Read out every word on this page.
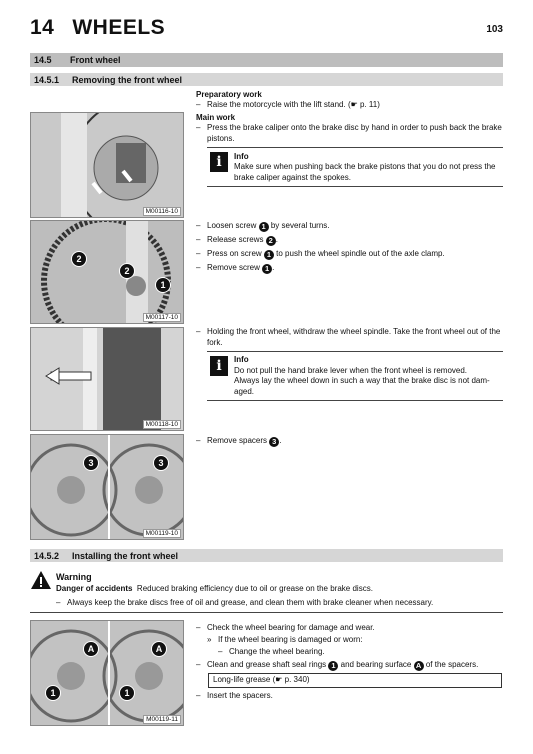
14 WHEELS	103
14.5	Front wheel
14.5.1	Removing the front wheel
M00116-10
2
2
1
M00117-10
M00118-10
3	3
M00119-10
A	A
1	1
M00119-11
Preparatory work
– Raise the motorcycle with the lift stand. (☛ p. 11)
Main work
– Press the brake caliper onto the brake disc by hand in order to push back the brake pistons.
i	Info
Make sure when pushing back the brake pistons that you do not press the brake caliper against the spokes.
– Loosen screw 1 by several turns.
– Release screws 2 .
– Press on screw 1 to push the wheel spindle out of the axle clamp.
– Remove screw 1 .
– Holding the front wheel, withdraw the wheel spindle. Take the front wheel out of the fork.
i	Info
Do not pull the hand brake lever when the front wheel is removed.
Always lay the wheel down in such a way that the brake disc is not dam-aged.
– Remove spacers 3 .
14.5.2	Installing the front wheel
Warning
Danger of accidents Reduced braking efficiency due to oil or grease on the brake discs.
– Always keep the brake discs free of oil and grease, and clean them with brake cleaner when necessary.
– Check the wheel bearing for damage and wear.
» If the wheel bearing is damaged or worn:
– Change the wheel bearing.
– Clean and grease shaft seal rings 1 and bearing surface A of the spacers.
Long-life grease (☛ p. 340)
– Insert the spacers.
